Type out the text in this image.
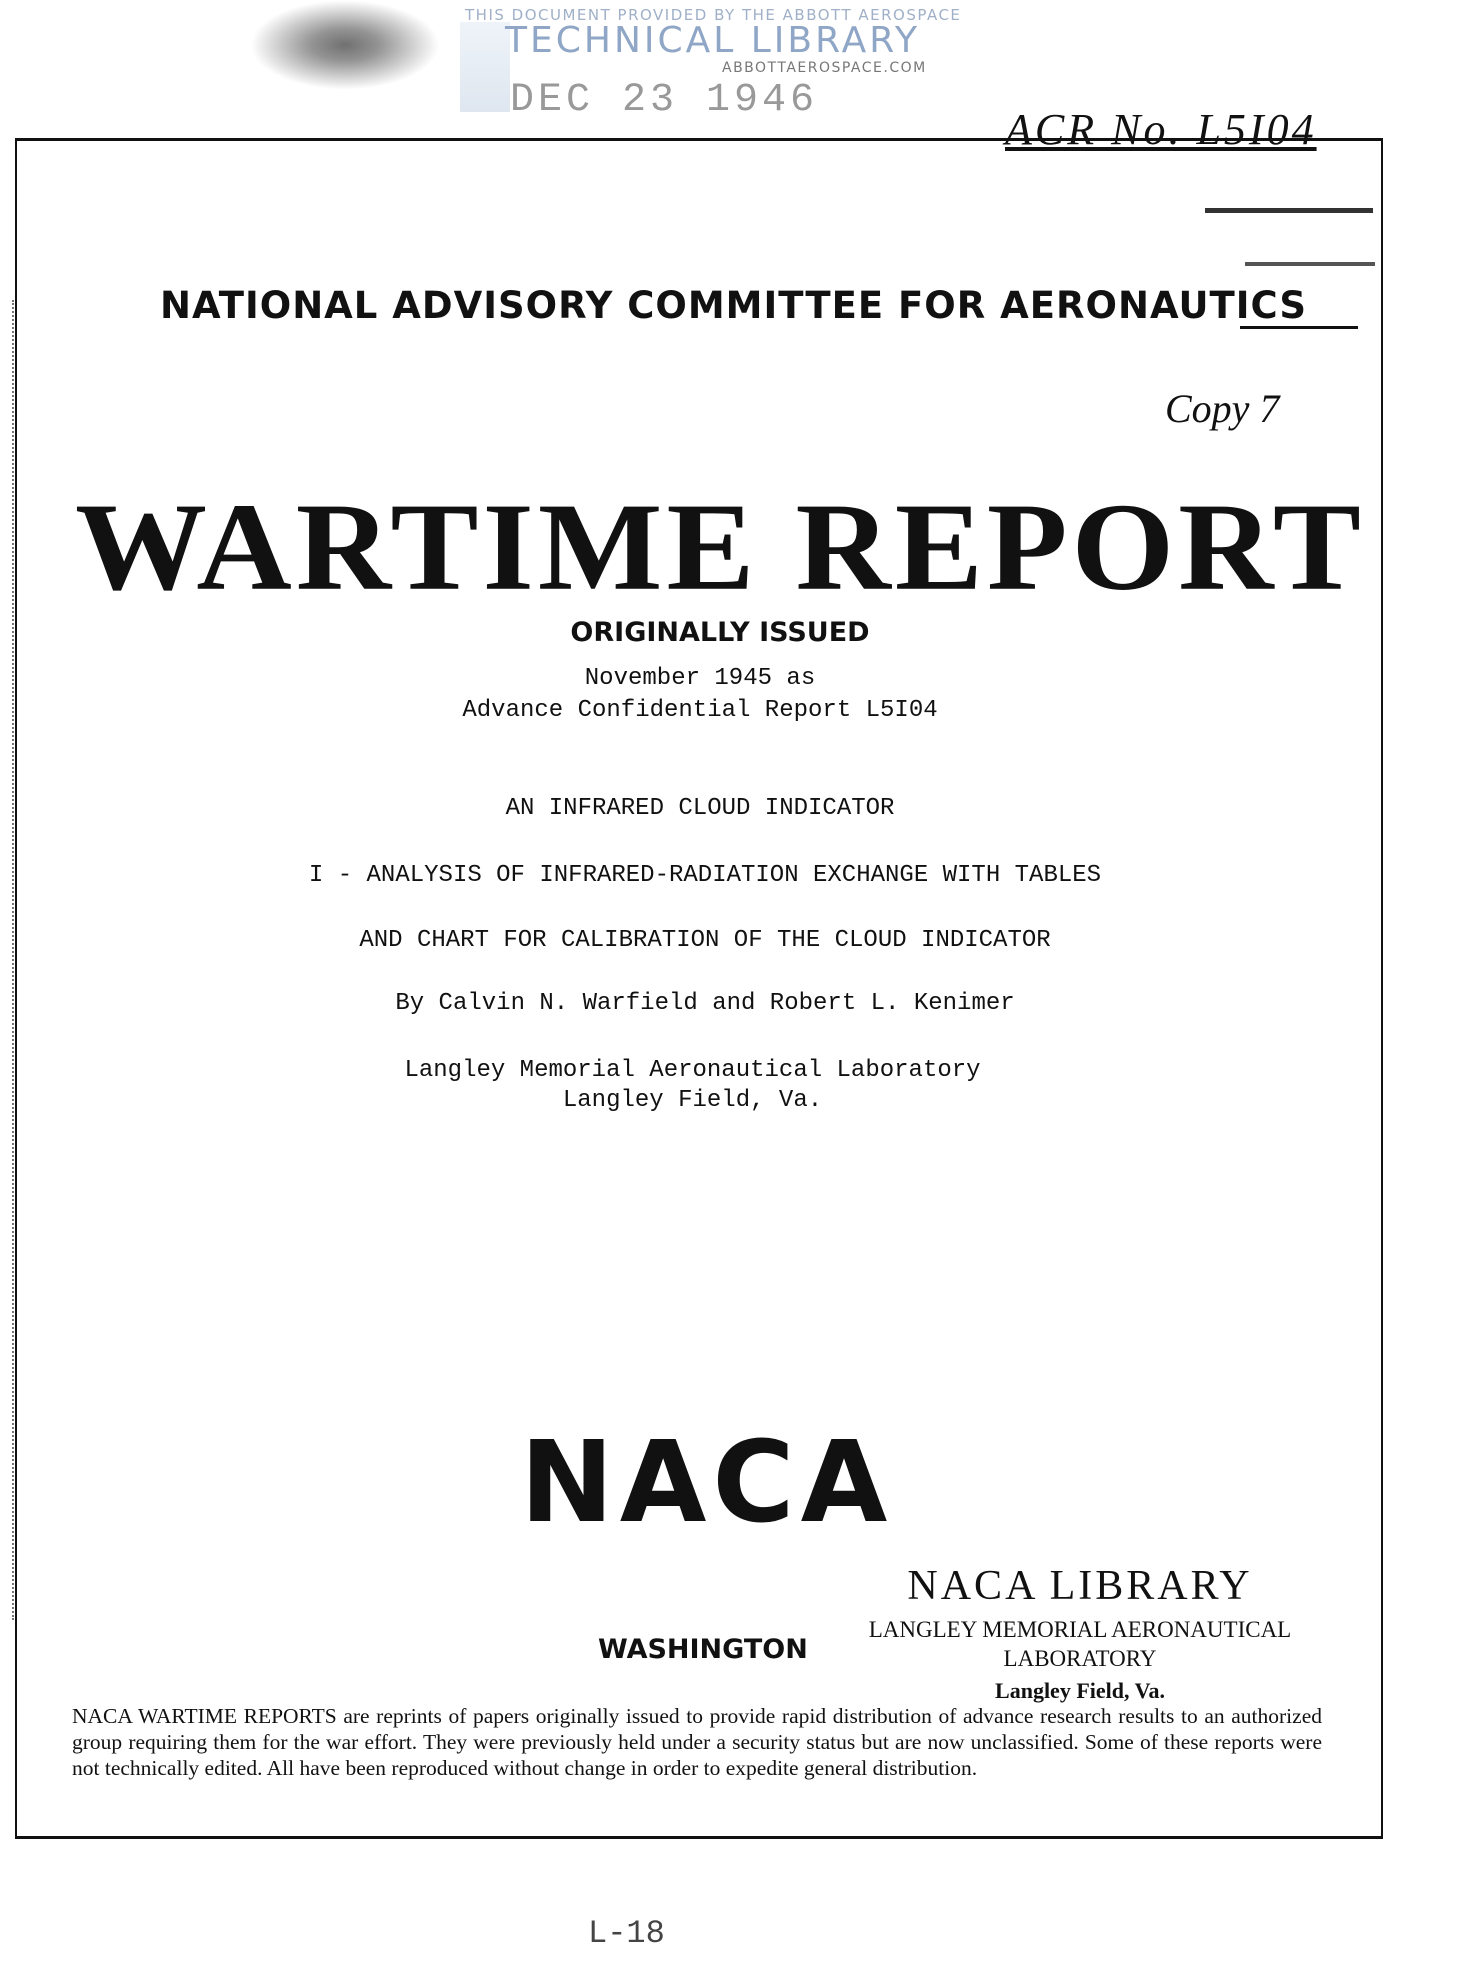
THIS DOCUMENT PROVIDED BY THE ABBOTT AEROSPACE
TECHNICAL LIBRARY
ABBOTTAEROSPACE.COM
DEC 23 1946
ACR No. L5I04
NATIONAL ADVISORY COMMITTEE FOR AERONAUTICS
Copy 7
WARTIME REPORT
ORIGINALLY ISSUED
November 1945 as
Advance Confidential Report L5I04
AN INFRARED CLOUD INDICATOR
I - ANALYSIS OF INFRARED-RADIATION EXCHANGE WITH TABLES
AND CHART FOR CALIBRATION OF THE CLOUD INDICATOR
By Calvin N. Warfield and Robert L. Kenimer
Langley Memorial Aeronautical Laboratory
Langley Field, Va.
NACA
NACA LIBRARY
LANGLEY MEMORIAL AERONAUTICAL
LABORATORY
Langley Field, Va.
WASHINGTON
NACA WARTIME REPORTS are reprints of papers originally issued to provide rapid distribution of advance research results to an authorized group requiring them for the war effort. They were previously held under a security status but are now unclassified. Some of these reports were not technically edited. All have been reproduced without change in order to expedite general distribution.
L-18
